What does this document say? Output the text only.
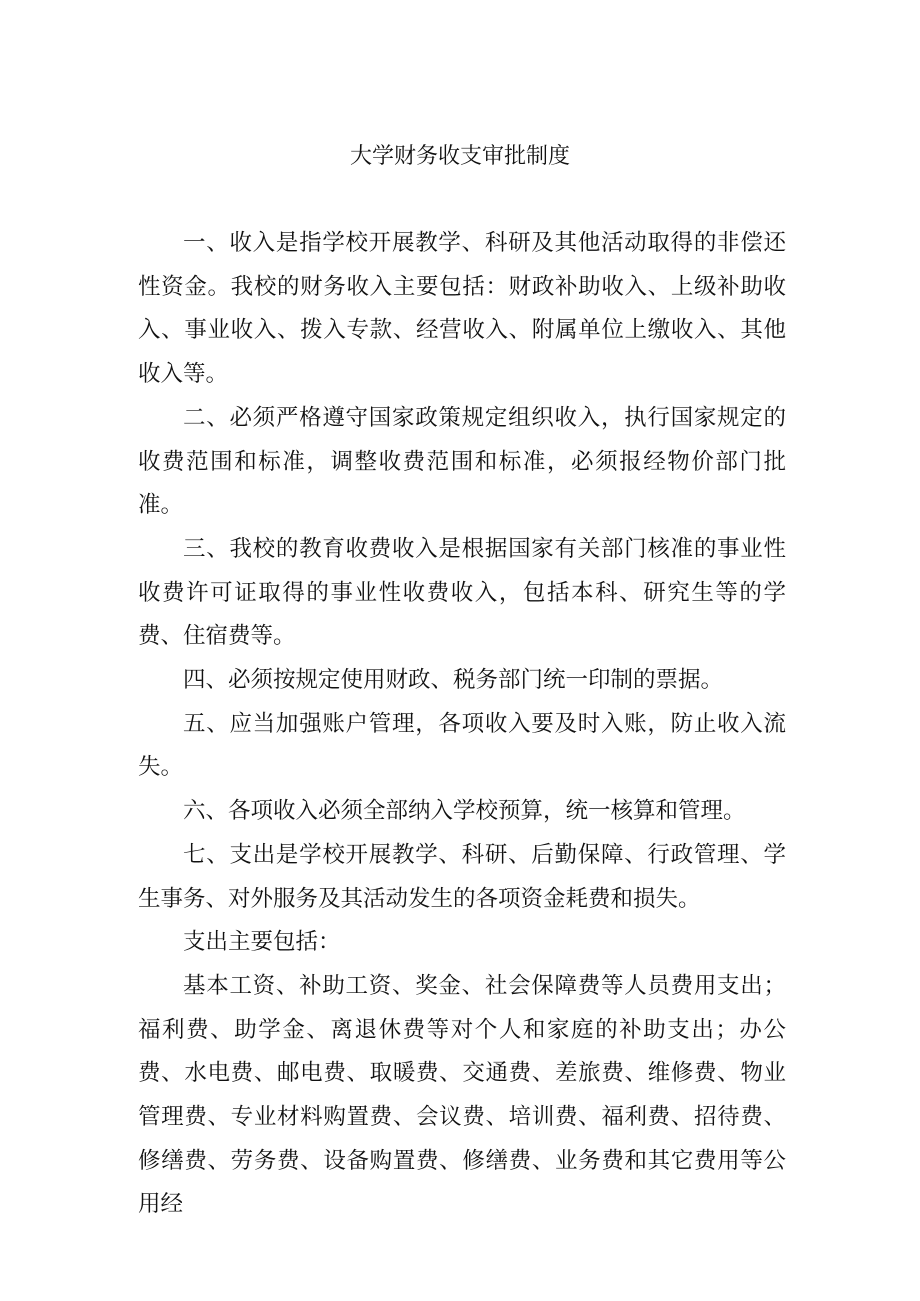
大学财务收支审批制度

一、收入是指学校开展教学、科研及其他活动取得的非偿还性资金。我校的财务收入主要包括：财政补助收入、上级补助收入、事业收入、拨入专款、经营收入、附属单位上缴收入、其他收入等。

二、必须严格遵守国家政策规定组织收入，执行国家规定的收费范围和标准，调整收费范围和标准，必须报经物价部门批准。

三、我校的教育收费收入是根据国家有关部门核准的事业性收费许可证取得的事业性收费收入，包括本科、研究生等的学费、住宿费等。

四、必须按规定使用财政、税务部门统一印制的票据。

五、应当加强账户管理，各项收入要及时入账，防止收入流失。

六、各项收入必须全部纳入学校预算，统一核算和管理。

七、支出是学校开展教学、科研、后勤保障、行政管理、学生事务、对外服务及其活动发生的各项资金耗费和损失。

支出主要包括：

基本工资、补助工资、奖金、社会保障费等人员费用支出；福利费、助学金、离退休费等对个人和家庭的补助支出；办公费、水电费、邮电费、取暖费、交通费、差旅费、维修费、物业管理费、专业材料购置费、会议费、培训费、福利费、招待费、修缮费、劳务费、设备购置费、修缮费、业务费和其它费用等公用经
